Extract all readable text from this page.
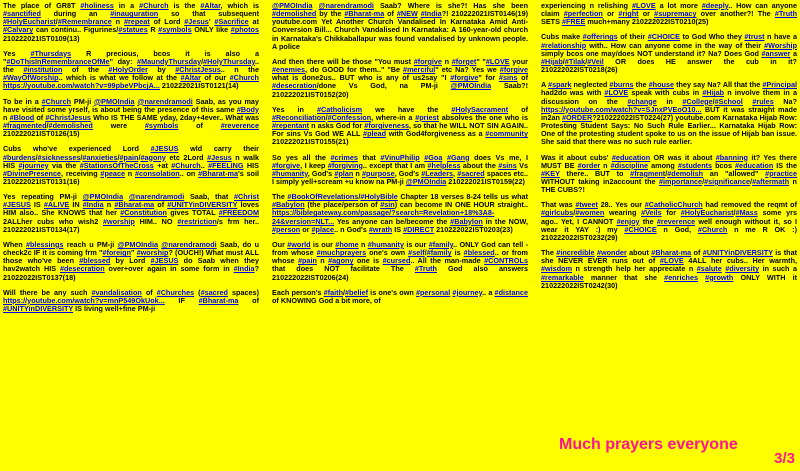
The place of GR8T #holiness in a #Church is the #Altar, which is #sanctified during an #inauguration so that subsequent #HolyEucharist/#Remembrance n #repeat of Lord #Jesus' #Sacrifice at #Calvary can continu.. Figurines/#statues R #symbols ONLY like #photos 210222021IST0109(13)

Yes #Thursdays R precious, bcos it is also a "#DoThisInRemembranceOfMe" day: #MaundyThursday/#HolyThursday.. the #institution of the #HolyOrder by #ChristJesus.. n the #WayOfWorship.. which is what we follow at the #Altar of our #Church https://youtube.com/watch?v=99pbeVPbcjA... 210222021IST0121(14)

To be in a #Church PM-ji @PMOIndia @narendramodi Saab, as you may have visited some yrself, is about being the presence of this same #Body n #Blood of #ChristJesus Who IS THE SAME yday, 2day+4ever.. What was #fragmented/#demolished were #symbols of #reverence 210222021IST0126(15)

Cubs who've experienced Lord #JESUS wld carry their #burdens/#sicknesses/#anxieties/#pain/#agony etc 2Lord #Jesus n walk HIS #journey via the #StationsOfTheCross +at #Church.. #FEELING HIS #DivinePresence, receiving #peace n #consolation.. on #Bharat-ma's soil 210222021IST0131(16)

Yes repeating PM-ji @PMOIndia @narendramodi Saab, that #Christ #JESUS IS #ALIVE IN #India n #Bharat-ma of #UNITYinDIVERSITY loves HIM also.. She KNOWS that her #Constitution gives TOTAL #FREEDOM 2ALLher cubs who wish2 #worship HIM.. NO #restriction/s frm her.. 210222021IST0134(17)

When #blessings reach u PM-ji @PMOIndia @narendramodi Saab, do u check2c IF it is coming frm "#foreign" #worship? (OUCH!) What must ALL those who've been #blessed by Lord #JESUS do Saab when they hav2watch HIS #desecration over+over again in some form in #India?21022022IST0137(18)

Will there be any such #vandalisation of #Churches (#sacred spaces) https://youtube.com/watch?v=mnP549OkUok... IF #Bharat-ma of #UNITYinDIVERSITY IS living well+fine PM-ji

@PMOIndia @narendramodi Saab? Where is she?! Has she been #demolished by the #Bharat-ma of #NEW #India?! 210222021IST0146(19) youtube.com Yet Another Church Vandalised In Karnataka Amid Anti-Conversion Bill... Church Vandalised In Karnataka: A 160-year-old church in Karnataka's Chikkaballapur was found vandalised by unknown people. A police

And then there will be those "You must #forgive n #forget" "#LOVE your #enemies, do GOOD for them.." "Be #merciful" etc Na? Yes we #forgive what is done2us.. BUT who is any of us2say "I #forgive" for #sins of #desecration/done Vs God, na PM-ji @PMOIndia Saab?! 210222021IST0152(20)

Yes in #Catholicism we have the #HolySacrament of #Reconciliation/#Confession, where-in a #priest absolves the one who is #repentant n asks God for #forgiveness, so that he WILL NOT SIN AGAIN.. For sins Vs God WE ALL #plead with God4forgiveness as a #community 210222021IST0155(21)

So yes all the #crimes that #VinuPhilip #Goa #Gang does Vs me, I #forgive, I keep #forgiving.. except that I am #helpless about the #sins Vs #humanity, God's #plan n #purpose, God's #Leaders, #sacred spaces etc.. I simply yell+scream +u know na PM-ji @PMOIndia 210222021IST0159(22)

The #BookOfRevelations/#HolyBible Chapter 18 verses 8-24 tells us what #Babylon (the place/person of #sin) can become IN ONE HOUR straight.. https://biblegateway.com/passage/?search=Revelation+18%3A8-24&version=NLT... Yes anyone can be/become the #Babylon in the NOW, #person or #place.. n God's #wrath IS #DIRECT 210222022IST0203(23)

Our #world is our #home n #humanity is our #family.. ONLY God can tell - from whose #muchprayers one's own #self/#family is #blessed.. or from whose #pain n #agony one is #cursed.. All the man-made #CONTROLs that does NOT facilitate The #Truth God also answers 210222022IST0206(24)

Each person's #faith/#belief is one's own #personal #journey.. a #distance of KNOWING God a bit more, of

experiencing n relishing #LOVE a lot more #deeply.. How can anyone claim #perfection or #right or #supremacy over another?! The #Truth SETS #FREE much+many 210222022IST0210(25)

Cubs make #offerings of their #CHOICE to God Who they #trust n have a #relationship with.. How can anyone come in the way of their #Worship simply bcos one may/does NOT understand it? Na? Does God #answer a #Hijab/#Tilak/#Veil OR does HE answer the cub in it? 210222022IST0218(26)

A #spark neglected #burns the #house they say Na? All that the #Principal had2do was with #LOVE speak with cubs in #Hijab n involve them in a discussion on the #change in #College/#School #rules Na? https://youtube.com/watch?v=SJnxPVEoO10... BUT it was straight made in2an #ORDER?210222022IST0224(27) youtube.com Karnataka Hijab Row: Protesting Student Says: No Such Rule Earlier... Karnataka Hijab Row: One of the protesting student spoke to us on the issue of Hijab ban issue. She said that there was no such rule earlier.

Was it about cubs' #education OR was it about #banning it? Yes there MUST BE #order n #discipline among #students bcos #education IS the #KEY there.. BUT to #fragment/#demolish an "allowed" #practice WITHOUT taking in2account the #importance/#significance/#aftermath n THE CUBS?!

That was #tweet 28.. Yes our #CatholicChurch had removed the reqmt of #girlcubs/#women wearing #Veils for #HolyEucharist/#Mass some yrs ago.. Yet, I CANNOT #enjoy the #reverence well enough without it, so I wear it YAY :) my #CHOICE n God, #Church n me R OK :) 210222022IST0232(29)

The #incredible #wonder about #Bharat-ma of #UNITYinDIVERSITY is that she NEVER EVER runs out of #LOVE 4ALL her cubs.. Her warmth, #wisdom n strength help her appreciate n #salute #diversity in such a #remarkable manner that she #enriches #growth ONLY WITH it 210222022IST0242(30)

Much prayers everyone
3/3
